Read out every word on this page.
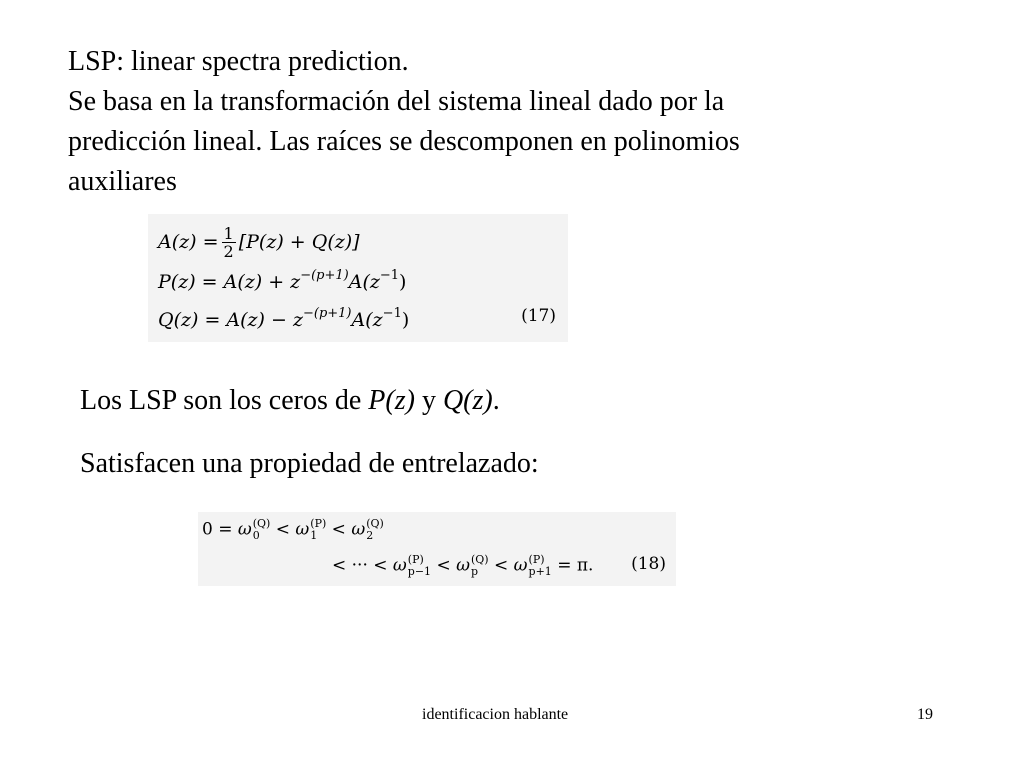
LSP: linear spectra prediction.
Se basa en la transformación del sistema lineal dado por la
predicción lineal. Las raíces se descomponen en polinomios
auxiliares
$A(z) = \frac{1}{2} [P(z) + Q(z)]$
$P(z) = A(z) + z^{-(p+1)}A(z^{-1})$
$Q(z) = A(z) - z^{-(p+1)}A(z^{-1})$	(17)

Los LSP son los ceros de P(z) y Q(z).

Satisfacen una propiedad de entrelazado:

0 = ω (Q)
0 < ω (P)
1 < ω (Q)
2
< ··· < ω (P)
p−1 < ω (Q)
p < ω (P)
p+1 = π. (18)
identificacion hablante	19
